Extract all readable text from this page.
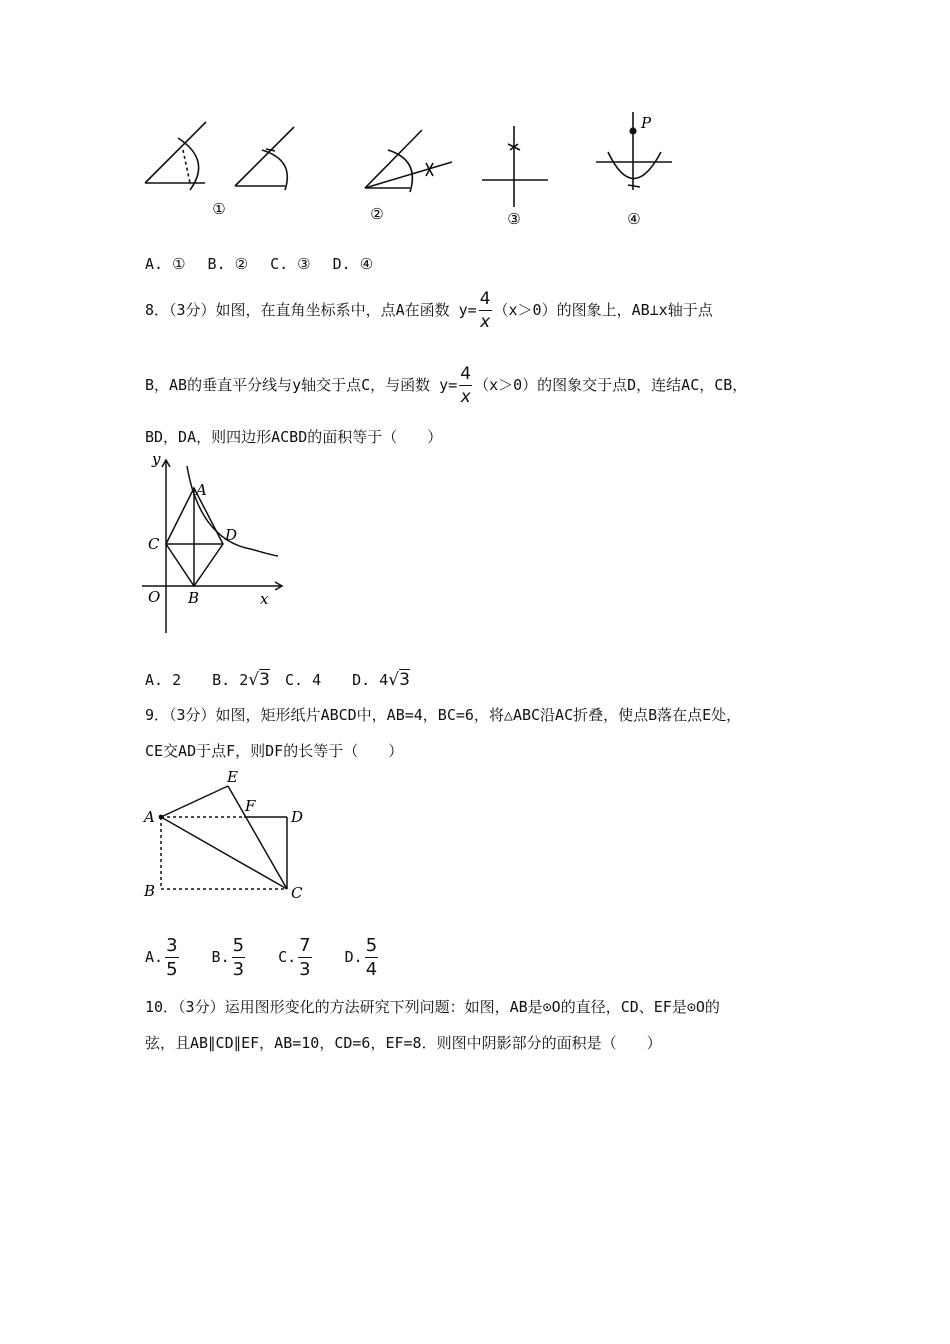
P
①	②	③	④
A. ① B. ② C. ③ D. ④
8．（3分）如图，在直角坐标系中，点A在函数 $y= \frac{4}{x} (x>0)$的图象上，AB⊥x轴于点
B，AB的垂直平分线与y轴交于点C，与函数 $y= \frac{4}{x} (x>0)$的图象交于点D，连结AC，CB，
BD，DA，则四边形ACBD的面积等于（　　）
y
x
O
A
B
C	D
A. 2 B. 2√3 C. 4 D. 4√3
9．（3分）如图，矩形纸片ABCD中，AB=4，BC=6，将△ABC沿AC折叠，使点B落在点E处，
CE交AD于点F，则DF的长等于（　　）
A
B	C
D
E
F
A. $\frac{3}{5} B$. $\frac{5}{3} C$. $\frac{7}{3} D$. $\frac{5}{4}$
10．（3分）运用图形变化的方法研究下列问题：如图，AB是⊙O的直径，CD、EF是⊙O的
弦，且AB∥CD∥EF，AB=10，CD=6，EF=8．则图中阴影部分的面积是（　　）
